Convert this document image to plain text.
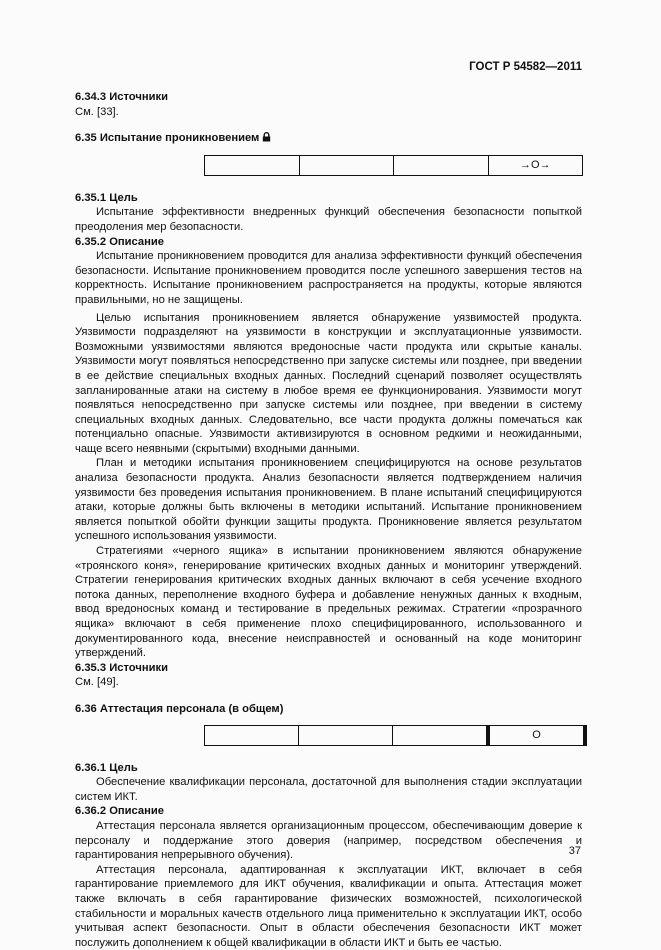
ГОСТ Р 54582—2011
6.34.3 Источники
См. [33].
6.35 Испытание проникновением
→O→
6.35.1 Цель
Испытание эффективности внедренных функций обеспечения безопасности попыткой преодоления мер безопасности.
6.35.2 Описание
Испытание проникновением проводится для анализа эффективности функций обеспечения безопасности. Испытание проникновением проводится после успешного завершения тестов на корректность. Испытание проникновением распространяется на продукты, которые являются правильными, но не защищены.
Целью испытания проникновением является обнаружение уязвимостей продукта. Уязвимости подразделяют на уязвимости в конструкции и эксплуатационные уязвимости. Возможными уязвимостями являются вредоносные части продукта или скрытые каналы. Уязвимости могут появляться непосредственно при запуске системы или позднее, при введении в ее действие специальных входных данных. Последний сценарий позволяет осуществлять запланированные атаки на систему в любое время ее функционирования. Уязвимости могут появляться непосредственно при запуске системы или позднее, при введении в систему специальных входных данных. Следовательно, все части продукта должны помечаться как потенциально опасные. Уязвимости активизируются в основном редкими и неожиданными, чаще всего неявными (скрытыми) входными данными.
План и методики испытания проникновением специфицируются на основе результатов анализа безопасности продукта. Анализ безопасности является подтверждением наличия уязвимости без проведения испытания проникновением. В плане испытаний специфицируются атаки, которые должны быть включены в методики испытаний. Испытание проникновением является попыткой обойти функции защиты продукта. Проникновение является результатом успешного использования уязвимости.
Стратегиями «черного ящика» в испытании проникновением являются обнаружение «троянского коня», генерирование критических входных данных и мониторинг утверждений. Стратегии генерирования критических входных данных включают в себя усечение входного потока данных, переполнение входного буфера и добавление ненужных данных к входным, ввод вредоносных команд и тестирование в предельных режимах. Стратегии «прозрачного ящика» включают в себя применение плохо специфицированного, использованного и документированного кода, внесение неисправностей и основанный на коде мониторинг утверждений.
6.35.3 Источники
См. [49].
6.36 Аттестация персонала (в общем)
O
6.36.1 Цель
Обеспечение квалификации персонала, достаточной для выполнения стадии эксплуатации систем ИКТ.
6.36.2 Описание
Аттестация персонала является организационным процессом, обеспечивающим доверие к персоналу и поддержание этого доверия (например, посредством обеспечения и гарантирования непрерывного обучения).
Аттестация персонала, адаптированная к эксплуатации ИКТ, включает в себя гарантирование приемлемого для ИКТ обучения, квалификации и опыта. Аттестация может также включать в себя гарантирование физических возможностей, психологической стабильности и моральных качеств отдельного лица применительно к эксплуатации ИКТ, особо учитывая аспект безопасности. Опыт в области обеспечения безопасности ИКТ может послужить дополнением к общей квалификации в области ИКТ и быть ее частью.
37
